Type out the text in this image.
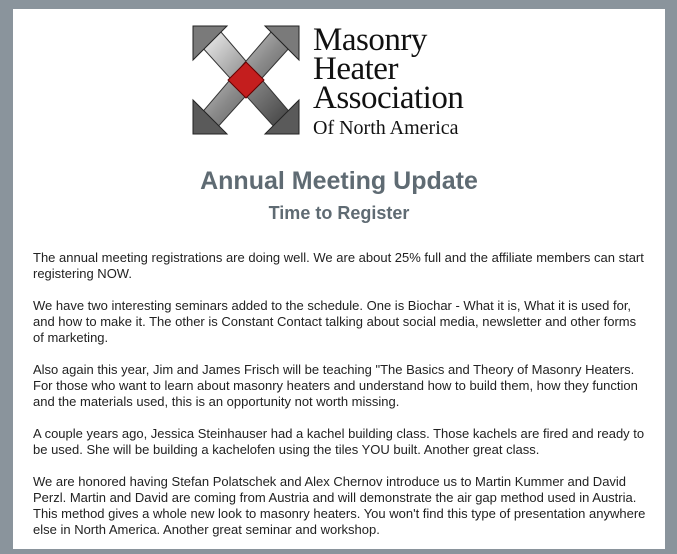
Masonry
Heater
Association
Of North America
Annual Meeting Update
Time to Register

The annual meeting registrations are doing well. We are about 25% full and the affiliate members can start registering NOW.

We have two interesting seminars added to the schedule. One is Biochar - What it is, What it is used for, and how to make it. The other is Constant Contact talking about social media, newsletter and other forms of marketing.

Also again this year, Jim and James Frisch will be teaching "The Basics and Theory of Masonry Heaters. For those who want to learn about masonry heaters and understand how to build them, how they function and the materials used, this is an opportunity not worth missing.

A couple years ago, Jessica Steinhauser had a kachel building class. Those kachels are fired and ready to be used. She will be building a kachelofen using the tiles YOU built. Another great class.

We are honored having Stefan Polatschek and Alex Chernov introduce us to Martin Kummer and David Perzl. Martin and David are coming from Austria and will demonstrate the air gap method used in Austria. This method gives a whole new look to masonry heaters. You won't find this type of presentation anywhere else in North America. Another great seminar and workshop.
